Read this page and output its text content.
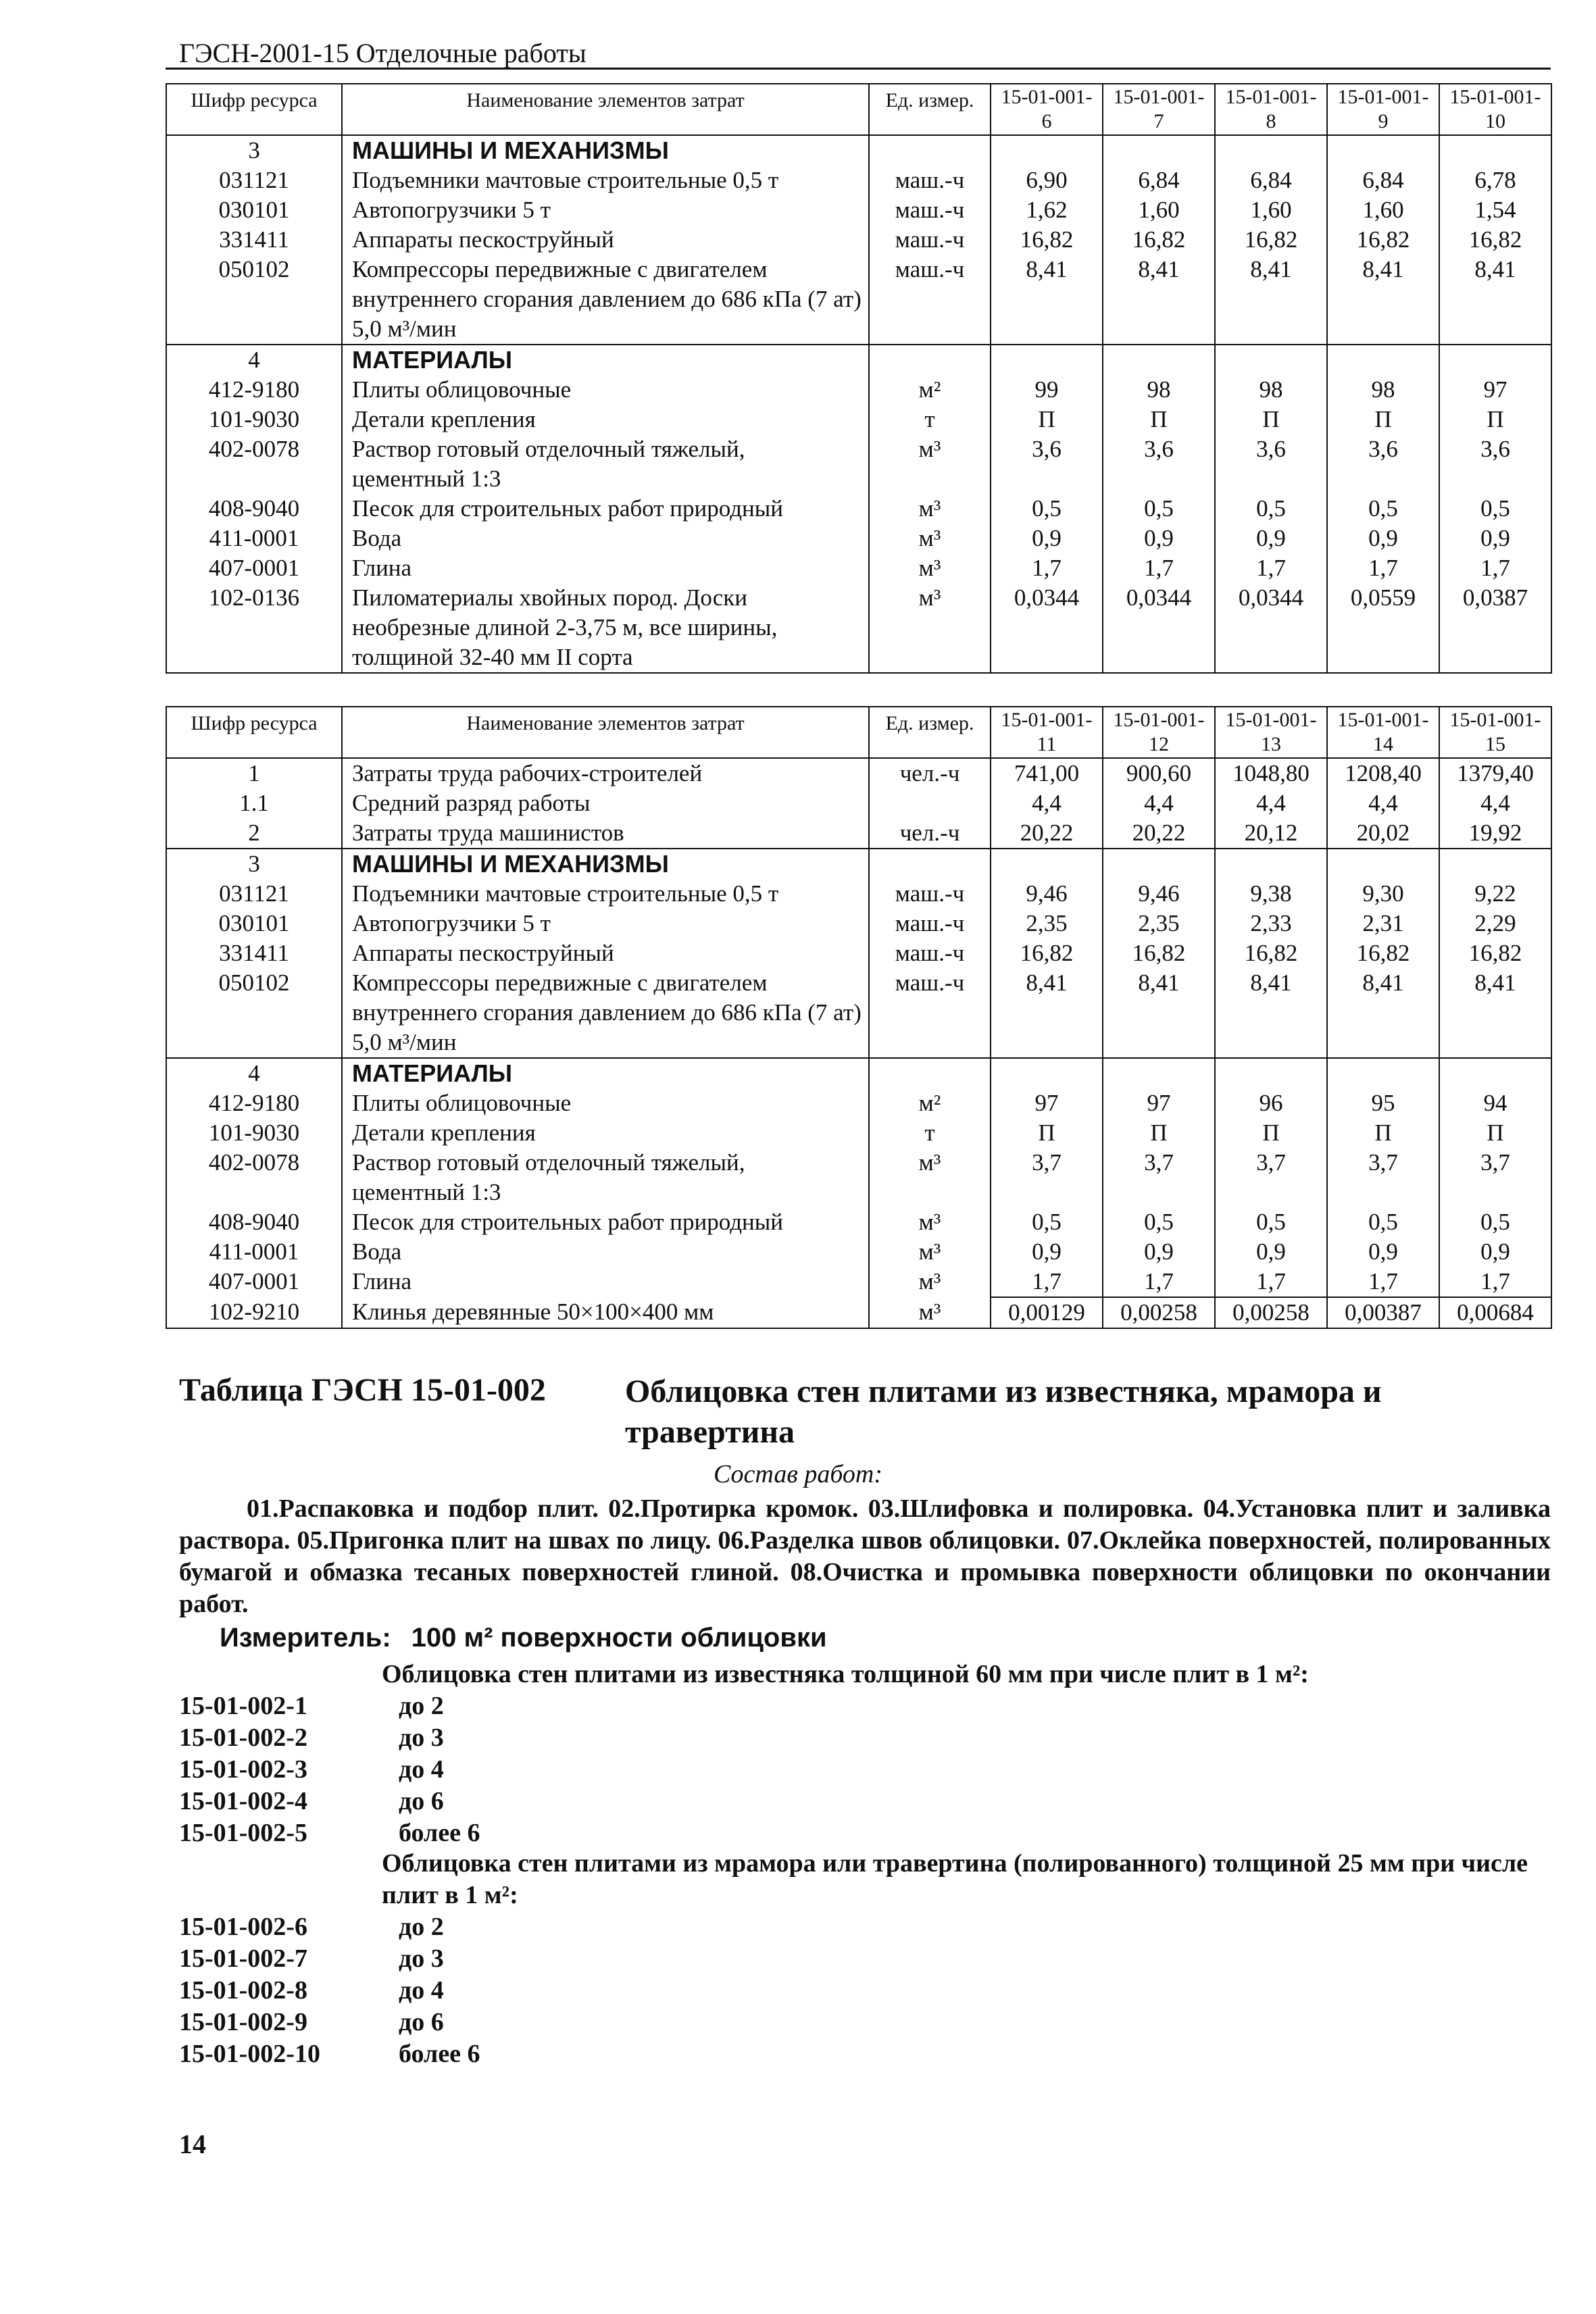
ГЭСН-2001-15 Отделочные работы
Шифр ресурса	Наименование элементов затрат	Ед. измер.	15-01-001-6	15-01-001-7	15-01-001-8	15-01-001-9	15-01-001-10
3	МАШИНЫ И МЕХАНИЗМЫ						
031121	Подъемники мачтовые строительные 0,5 т	маш.-ч	6,90	6,84	6,84	6,84	6,78
030101	Автопогрузчики 5 т	маш.-ч	1,62	1,60	1,60	1,60	1,54
331411	Аппараты пескоструйный	маш.-ч	16,82	16,82	16,82	16,82	16,82
050102	Компрессоры передвижные с двигателем внутреннего сгорания давлением до 686 кПа (7 ат) 5,0 м³/мин	маш.-ч	8,41	8,41	8,41	8,41	8,41
4	МАТЕРИАЛЫ						
412-9180	Плиты облицовочные	м²	99	98	98	98	97
101-9030	Детали крепления	т	П	П	П	П	П
402-0078	Раствор готовый отделочный тяжелый, цементный 1:3	м³	3,6	3,6	3,6	3,6	3,6
408-9040	Песок для строительных работ природный	м³	0,5	0,5	0,5	0,5	0,5
411-0001	Вода	м³	0,9	0,9	0,9	0,9	0,9
407-0001	Глина	м³	1,7	1,7	1,7	1,7	1,7
102-0136	Пиломатериалы хвойных пород. Доски необрезные длиной 2-3,75 м, все ширины, толщиной 32-40 мм II сорта	м³	0,0344	0,0344	0,0344	0,0559	0,0387
Шифр ресурса	Наименование элементов затрат	Ед. измер.	15-01-001-11	15-01-001-12	15-01-001-13	15-01-001-14	15-01-001-15
1	Затраты труда рабочих-строителей	чел.-ч	741,00	900,60	1048,80	1208,40	1379,40
1.1	Средний разряд работы		4,4	4,4	4,4	4,4	4,4
2	Затраты труда машинистов	чел.-ч	20,22	20,22	20,12	20,02	19,92
3	МАШИНЫ И МЕХАНИЗМЫ						
031121	Подъемники мачтовые строительные 0,5 т	маш.-ч	9,46	9,46	9,38	9,30	9,22
030101	Автопогрузчики 5 т	маш.-ч	2,35	2,35	2,33	2,31	2,29
331411	Аппараты пескоструйный	маш.-ч	16,82	16,82	16,82	16,82	16,82
050102	Компрессоры передвижные с двигателем внутреннего сгорания давлением до 686 кПа (7 ат) 5,0 м³/мин	маш.-ч	8,41	8,41	8,41	8,41	8,41
4	МАТЕРИАЛЫ						
412-9180	Плиты облицовочные	м²	97	97	96	95	94
101-9030	Детали крепления	т	П	П	П	П	П
402-0078	Раствор готовый отделочный тяжелый, цементный 1:3	м³	3,7	3,7	3,7	3,7	3,7
408-9040	Песок для строительных работ природный	м³	0,5	0,5	0,5	0,5	0,5
411-0001	Вода	м³	0,9	0,9	0,9	0,9	0,9
407-0001	Глина	м³	1,7	1,7	1,7	1,7	1,7
102-9210	Клинья деревянные 50×100×400 мм	м³	0,00129	0,00258	0,00258	0,00387	0,00684
Таблица ГЭСН 15-01-002 Облицовка стен плитами из известняка, мрамора и травертина
Состав работ:
01.Распаковка и подбор плит. 02.Протирка кромок. 03.Шлифовка и полировка. 04.Установка плит и заливка раствора. 05.Пригонка плит на швах по лицу. 06.Разделка швов облицовки. 07.Оклейка поверхностей, полированных бумагой и обмазка тесаных поверхностей глиной. 08.Очистка и промывка поверхности облицовки по окончании работ.
Измеритель: 100 м² поверхности облицовки
Облицовка стен плитами из известняка толщиной 60 мм при числе плит в 1 м²:
15-01-002-1	до 2
15-01-002-2	до 3
15-01-002-3	до 4
15-01-002-4	до 6
15-01-002-5	более 6
Облицовка стен плитами из мрамора или травертина (полированного) толщиной 25 мм при числе плит в 1 м²:
15-01-002-6	до 2
15-01-002-7	до 3
15-01-002-8	до 4
15-01-002-9	до 6
15-01-002-10	более 6
14
